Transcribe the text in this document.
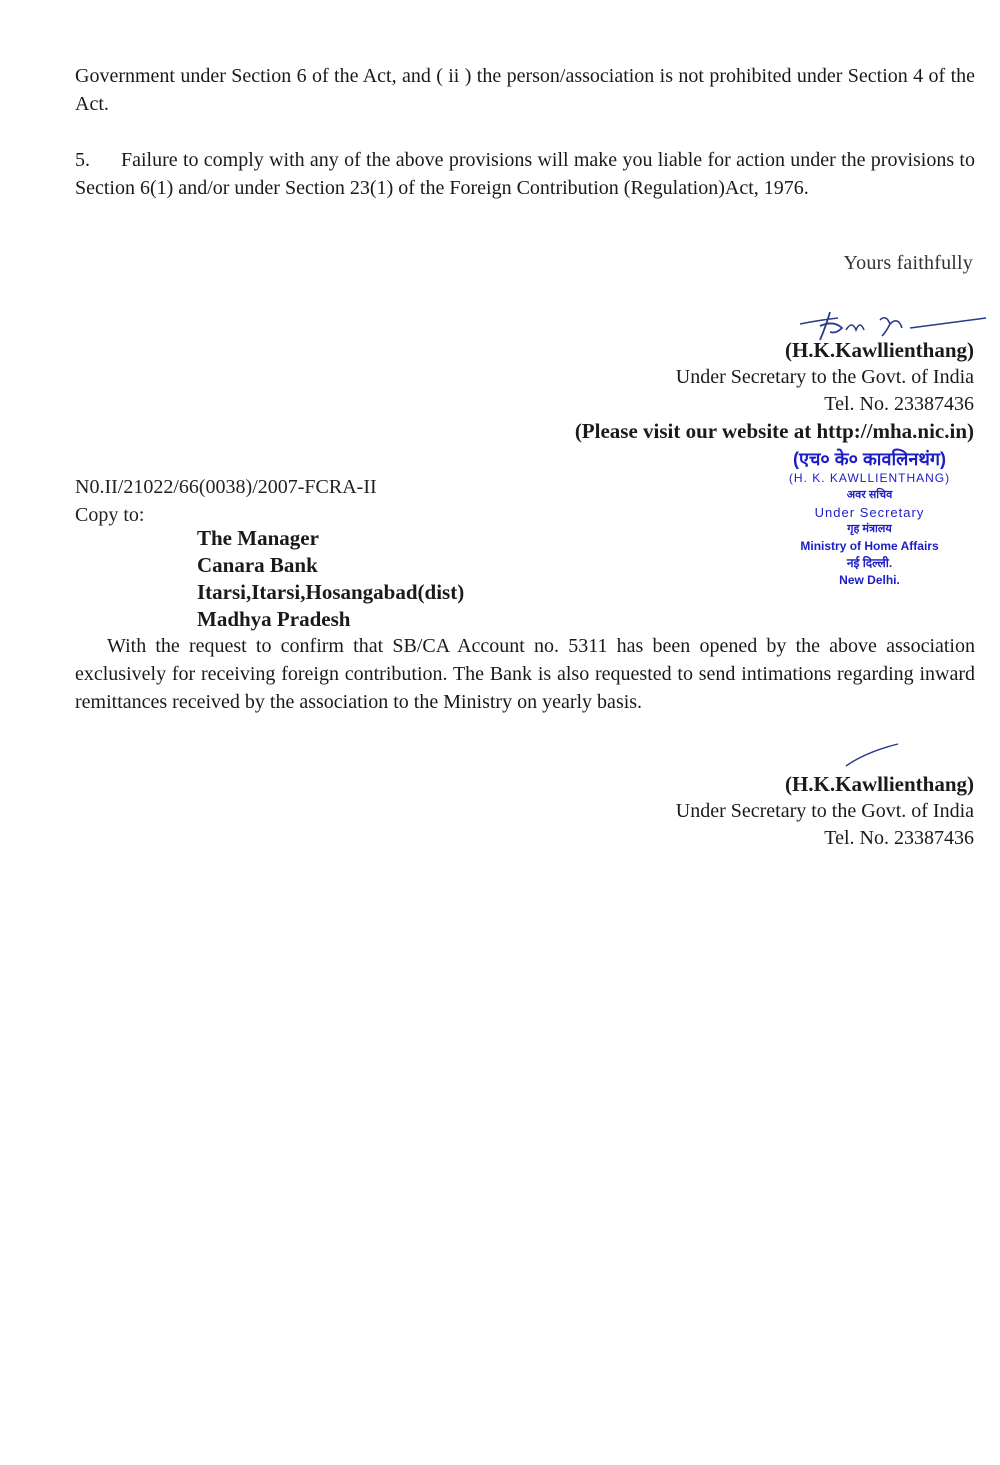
Government under Section 6 of the Act, and ( ii ) the person/association is not prohibited under Section 4 of the Act.

5. Failure to comply with any of the above provisions will make you liable for action under the provisions to Section 6(1) and/or under Section 23(1) of the Foreign Contribution (Regulation)Act, 1976.

Yours faithfully
(H.K.Kawllienthang)
Under Secretary to the Govt. of India
Tel. No. 23387436
(Please visit our website at http://mha.nic.in)
(एच० के० कावलिनथंग)
(H. K. KAWLLIENTHANG)
अवर सचिव
Under Secretary
गृह मंत्रालय
Ministry of Home Affairs
नई दिल्ली.
New Delhi.
N0.II/21022/66(0038)/2007-FCRA-II
Copy to:
The Manager
Canara Bank
Itarsi,Itarsi,Hosangabad(dist)
Madhya Pradesh

With the request to confirm that SB/CA Account no. 5311 has been opened by the above association exclusively for receiving foreign contribution. The Bank is also requested to send intimations regarding inward remittances received by the association to the Ministry on yearly basis.

(H.K.Kawllienthang)
Under Secretary to the Govt. of India
Tel. No. 23387436
